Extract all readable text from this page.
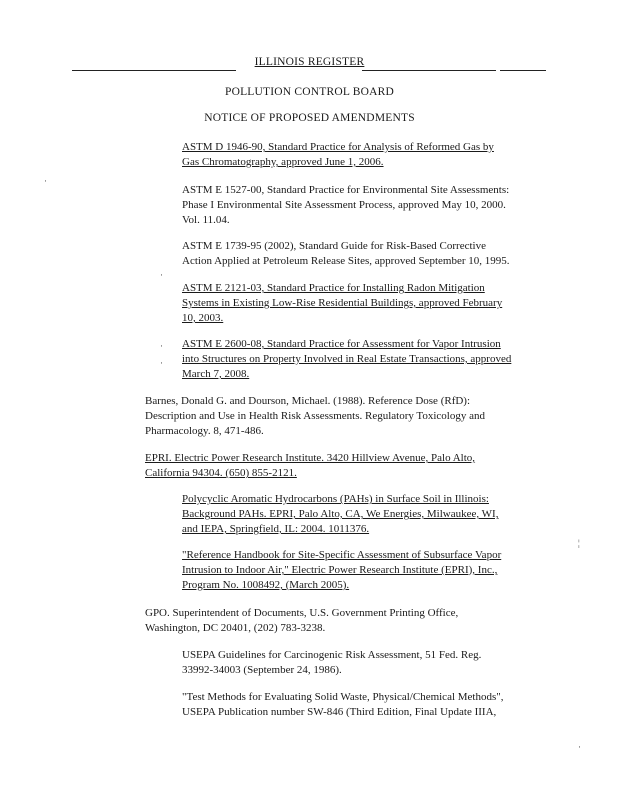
ILLINOIS REGISTER
POLLUTION CONTROL BOARD
NOTICE OF PROPOSED AMENDMENTS
ASTM D 1946-90, Standard Practice for Analysis of Reformed Gas by
Gas Chromatography, approved June 1, 2006.
ASTM E 1527-00, Standard Practice for Environmental Site Assessments:
Phase I Environmental Site Assessment Process, approved May 10, 2000.
Vol. 11.04.
ASTM E 1739-95 (2002), Standard Guide for Risk-Based Corrective
Action Applied at Petroleum Release Sites, approved September 10, 1995.
ASTM E 2121-03, Standard Practice for Installing Radon Mitigation
Systems in Existing Low-Rise Residential Buildings, approved February
10, 2003.
ASTM E 2600-08, Standard Practice for Assessment for Vapor Intrusion
into Structures on Property Involved in Real Estate Transactions, approved
March 7, 2008.
Barnes, Donald G. and Dourson, Michael. (1988). Reference Dose (RfD):
Description and Use in Health Risk Assessments. Regulatory Toxicology and
Pharmacology. 8, 471-486.
EPRI. Electric Power Research Institute. 3420 Hillview Avenue, Palo Alto,
California 94304. (650) 855-2121.
Polycyclic Aromatic Hydrocarbons (PAHs) in Surface Soil in Illinois:
Background PAHs. EPRI, Palo Alto, CA, We Energies, Milwaukee, WI,
and IEPA, Springfield, IL: 2004. 1011376.
"Reference Handbook for Site-Specific Assessment of Subsurface Vapor
Intrusion to Indoor Air," Electric Power Research Institute (EPRI), Inc.,
Program No. 1008492, (March 2005).
GPO. Superintendent of Documents, U.S. Government Printing Office,
Washington, DC 20401, (202) 783-3238.
USEPA Guidelines for Carcinogenic Risk Assessment, 51 Fed. Reg.
33992-34003 (September 24, 1986).
"Test Methods for Evaluating Solid Waste, Physical/Chemical Methods",
USEPA Publication number SW-846 (Third Edition, Final Update IIIA,
·
·
·
·
¦
·
